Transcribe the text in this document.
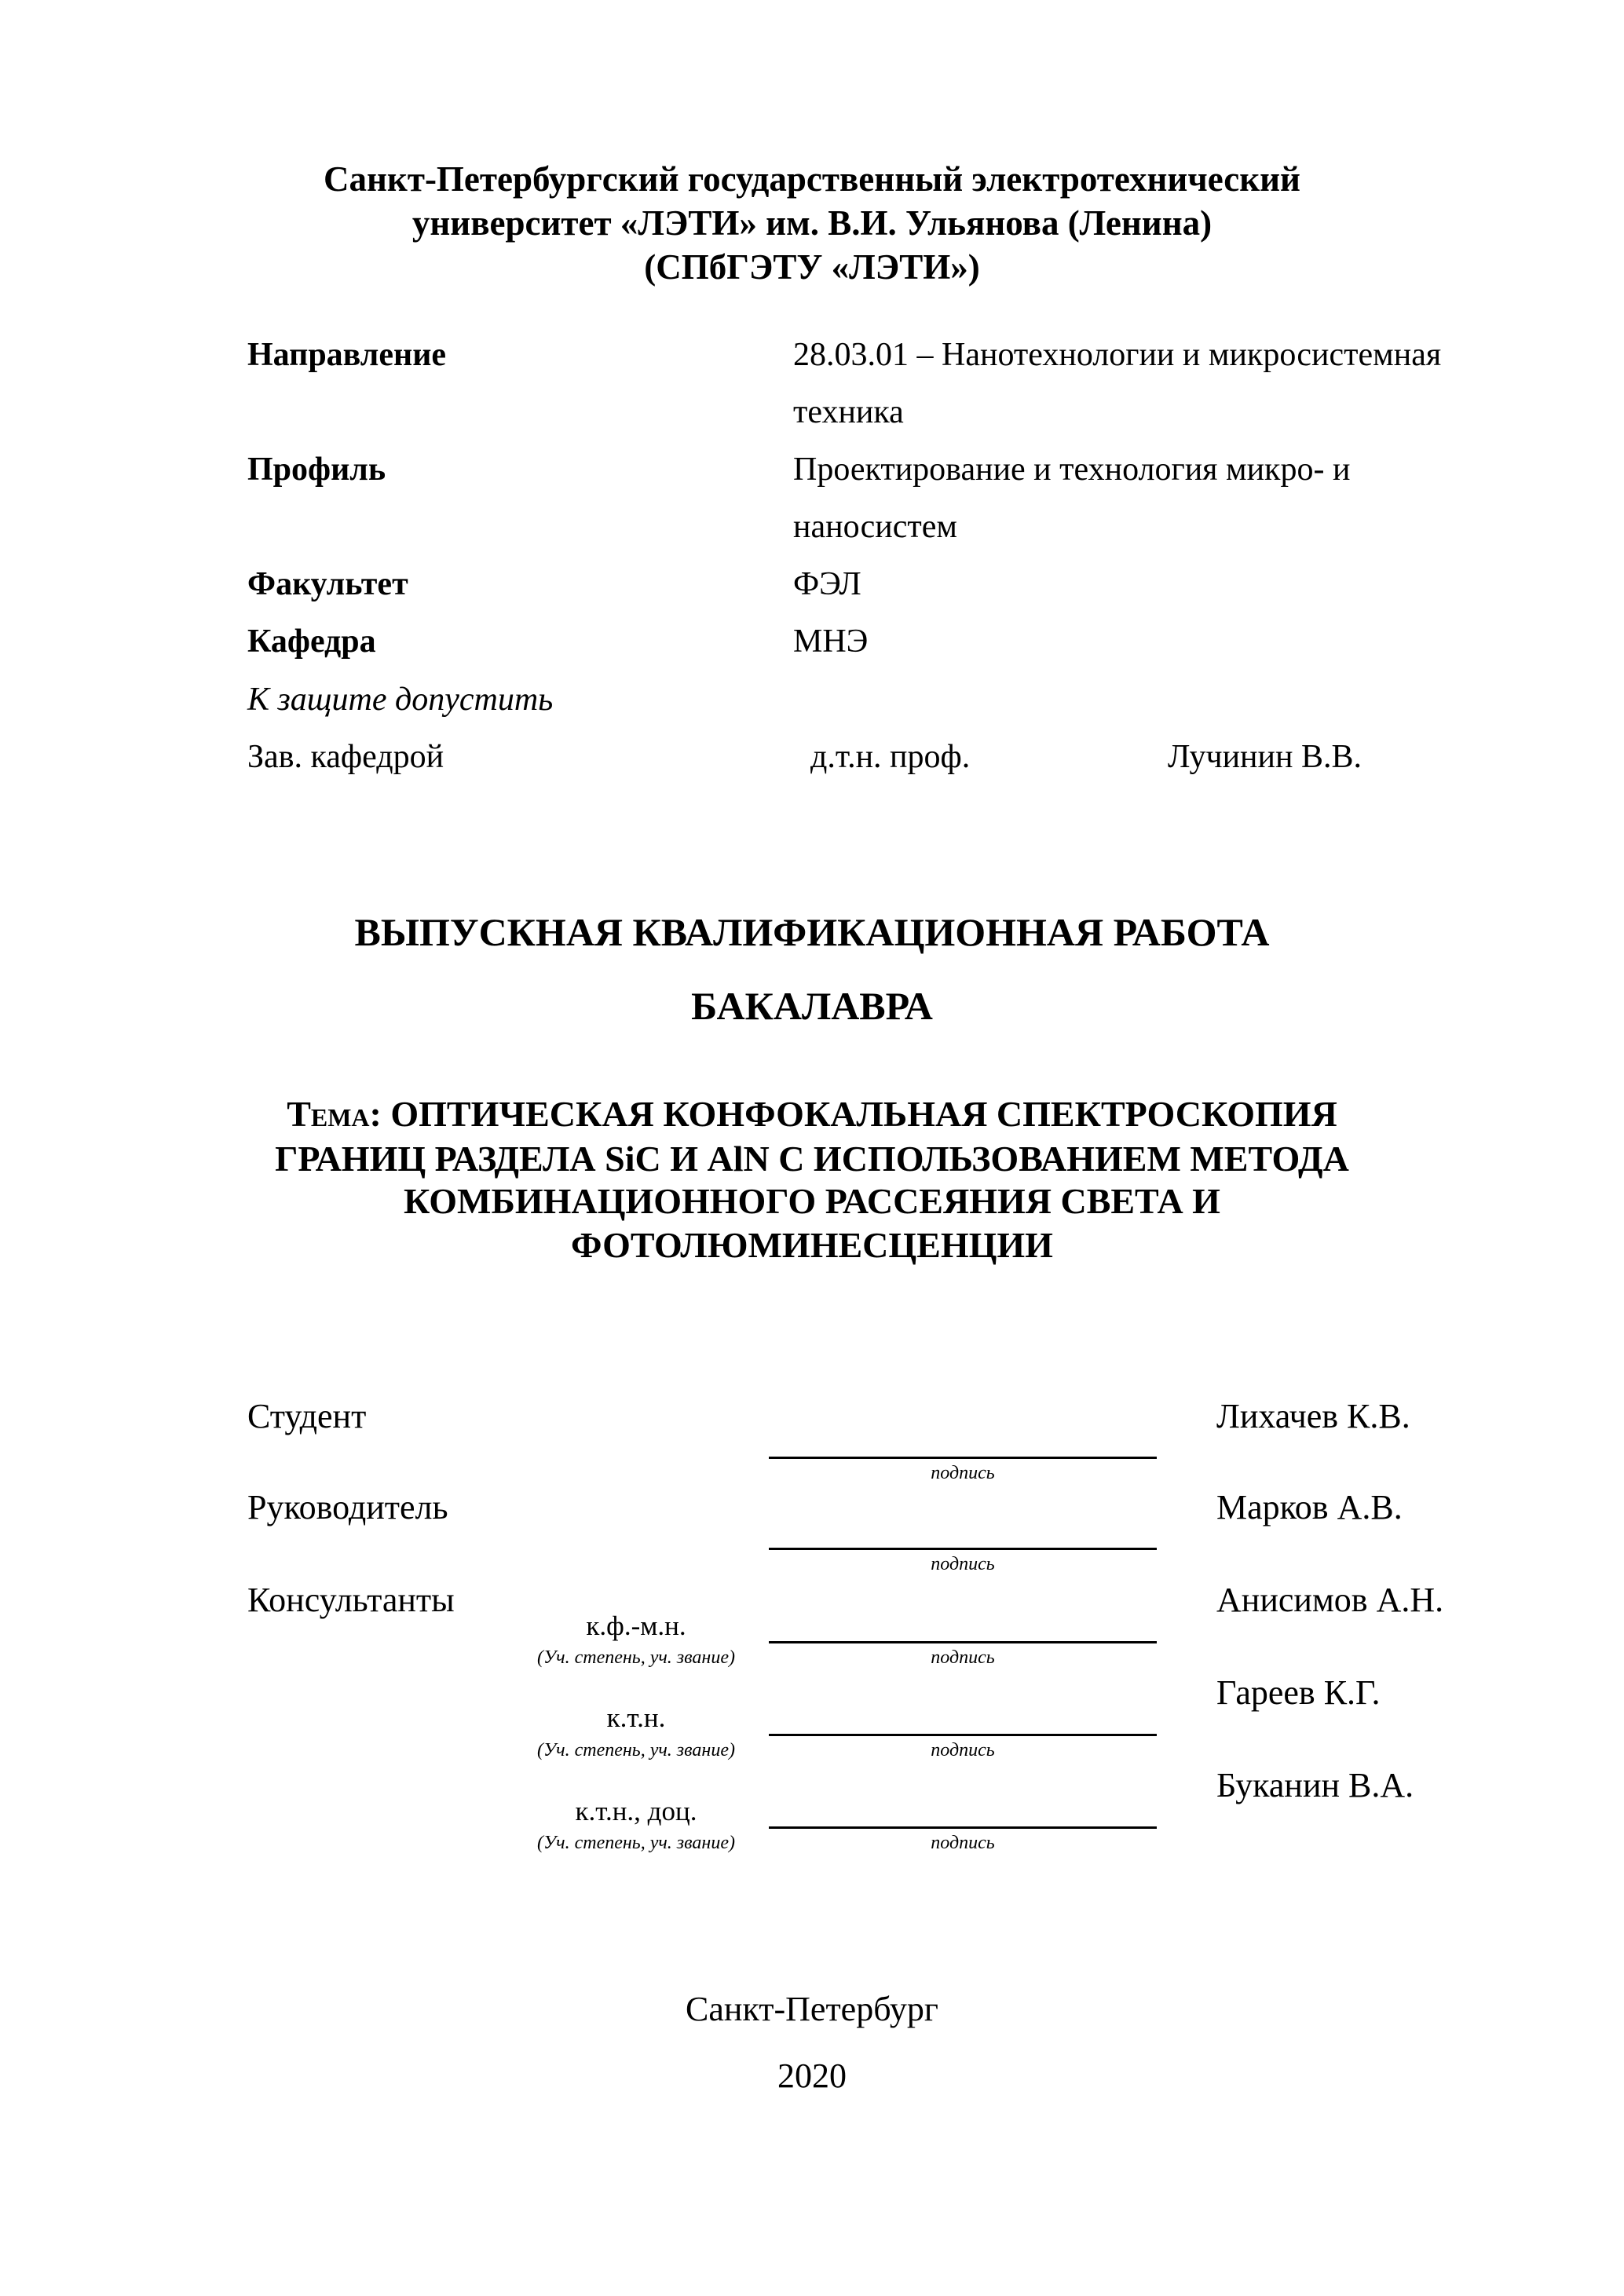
Санкт-Петербургский государственный электротехнический
университет «ЛЭТИ» им. В.И. Ульянова (Ленина)
(СПбГЭТУ «ЛЭТИ»)
Направление	28.03.01 – Нанотехнологии и микросистемная
техника
Профиль	Проектирование и технология микро- и
наносистем
Факультет	ФЭЛ
Кафедра	МНЭ
К защите допустить
Зав. кафедрой	д.т.н. проф.	Лучинин В.В.
ВЫПУСКНАЯ КВАЛИФИКАЦИОННАЯ РАБОТА
БАКАЛАВРА
Тема: ОПТИЧЕСКАЯ КОНФОКАЛЬНАЯ СПЕКТРОСКОПИЯ
ГРАНИЦ РАЗДЕЛА SiC И AlN С ИСПОЛЬЗОВАНИЕМ МЕТОДА
КОМБИНАЦИОННОГО РАССЕЯНИЯ СВЕТА И
ФОТОЛЮМИНЕСЦЕНЦИИ
Студент	Лихачев К.В.
подпись
Руководитель	Марков А.В.
подпись
Консультанты	Анисимов А.Н.
к.ф.-м.н.
(Уч. степень, уч. звание)	подпись
Гареев К.Г.
к.т.н.
(Уч. степень, уч. звание)	подпись
Буканин В.А.
к.т.н., доц.
(Уч. степень, уч. звание)	подпись
Санкт-Петербург
2020
